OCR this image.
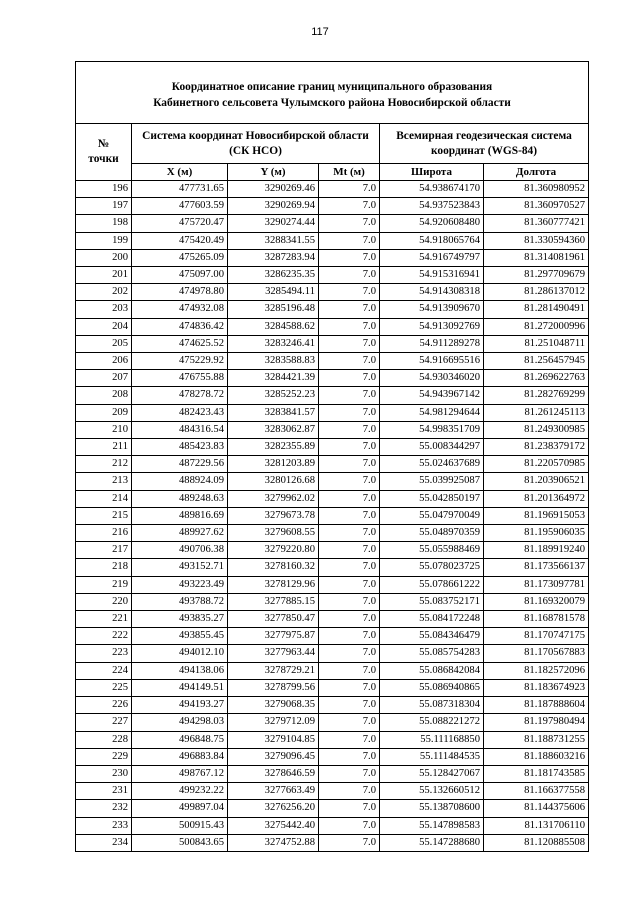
117
Координатное описание границ муниципального образования
Кабинетного сельсовета Чулымского района Новосибирской области					

№
точки	Система координат Новосибирской области (СК НСО)			Всемирная геодезическая система координат (WGS-84)	
	X (м)	Y (м)	Mt (м)	Широта	Долгота
196	477731.65	3290269.46	7.0	54.938674170	81.360980952
197	477603.59	3290269.94	7.0	54.937523843	81.360970527
198	475720.47	3290274.44	7.0	54.920608480	81.360777421
199	475420.49	3288341.55	7.0	54.918065764	81.330594360
200	475265.09	3287283.94	7.0	54.916749797	81.314081961
201	475097.00	3286235.35	7.0	54.915316941	81.297709679
202	474978.80	3285494.11	7.0	54.914308318	81.286137012
203	474932.08	3285196.48	7.0	54.913909670	81.281490491
204	474836.42	3284588.62	7.0	54.913092769	81.272000996
205	474625.52	3283246.41	7.0	54.911289278	81.251048711
206	475229.92	3283588.83	7.0	54.916695516	81.256457945
207	476755.88	3284421.39	7.0	54.930346020	81.269622763
208	478278.72	3285252.23	7.0	54.943967142	81.282769299
209	482423.43	3283841.57	7.0	54.981294644	81.261245113
210	484316.54	3283062.87	7.0	54.998351709	81.249300985
211	485423.83	3282355.89	7.0	55.008344297	81.238379172
212	487229.56	3281203.89	7.0	55.024637689	81.220570985
213	488924.09	3280126.68	7.0	55.039925087	81.203906521
214	489248.63	3279962.02	7.0	55.042850197	81.201364972
215	489816.69	3279673.78	7.0	55.047970049	81.196915053
216	489927.62	3279608.55	7.0	55.048970359	81.195906035
217	490706.38	3279220.80	7.0	55.055988469	81.189919240
218	493152.71	3278160.32	7.0	55.078023725	81.173566137
219	493223.49	3278129.96	7.0	55.078661222	81.173097781
220	493788.72	3277885.15	7.0	55.083752171	81.169320079
221	493835.27	3277850.47	7.0	55.084172248	81.168781578
222	493855.45	3277975.87	7.0	55.084346479	81.170747175
223	494012.10	3277963.44	7.0	55.085754283	81.170567883
224	494138.06	3278729.21	7.0	55.086842084	81.182572096
225	494149.51	3278799.56	7.0	55.086940865	81.183674923
226	494193.27	3279068.35	7.0	55.087318304	81.187888604
227	494298.03	3279712.09	7.0	55.088221272	81.197980494
228	496848.75	3279104.85	7.0	55.111168850	81.188731255
229	496883.84	3279096.45	7.0	55.111484535	81.188603216
230	498767.12	3278646.59	7.0	55.128427067	81.181743585
231	499232.22	3277663.49	7.0	55.132660512	81.166377558
232	499897.04	3276256.20	7.0	55.138708600	81.144375606
233	500915.43	3275442.40	7.0	55.147898583	81.131706110
234	500843.65	3274752.88	7.0	55.147288680	81.120885508
